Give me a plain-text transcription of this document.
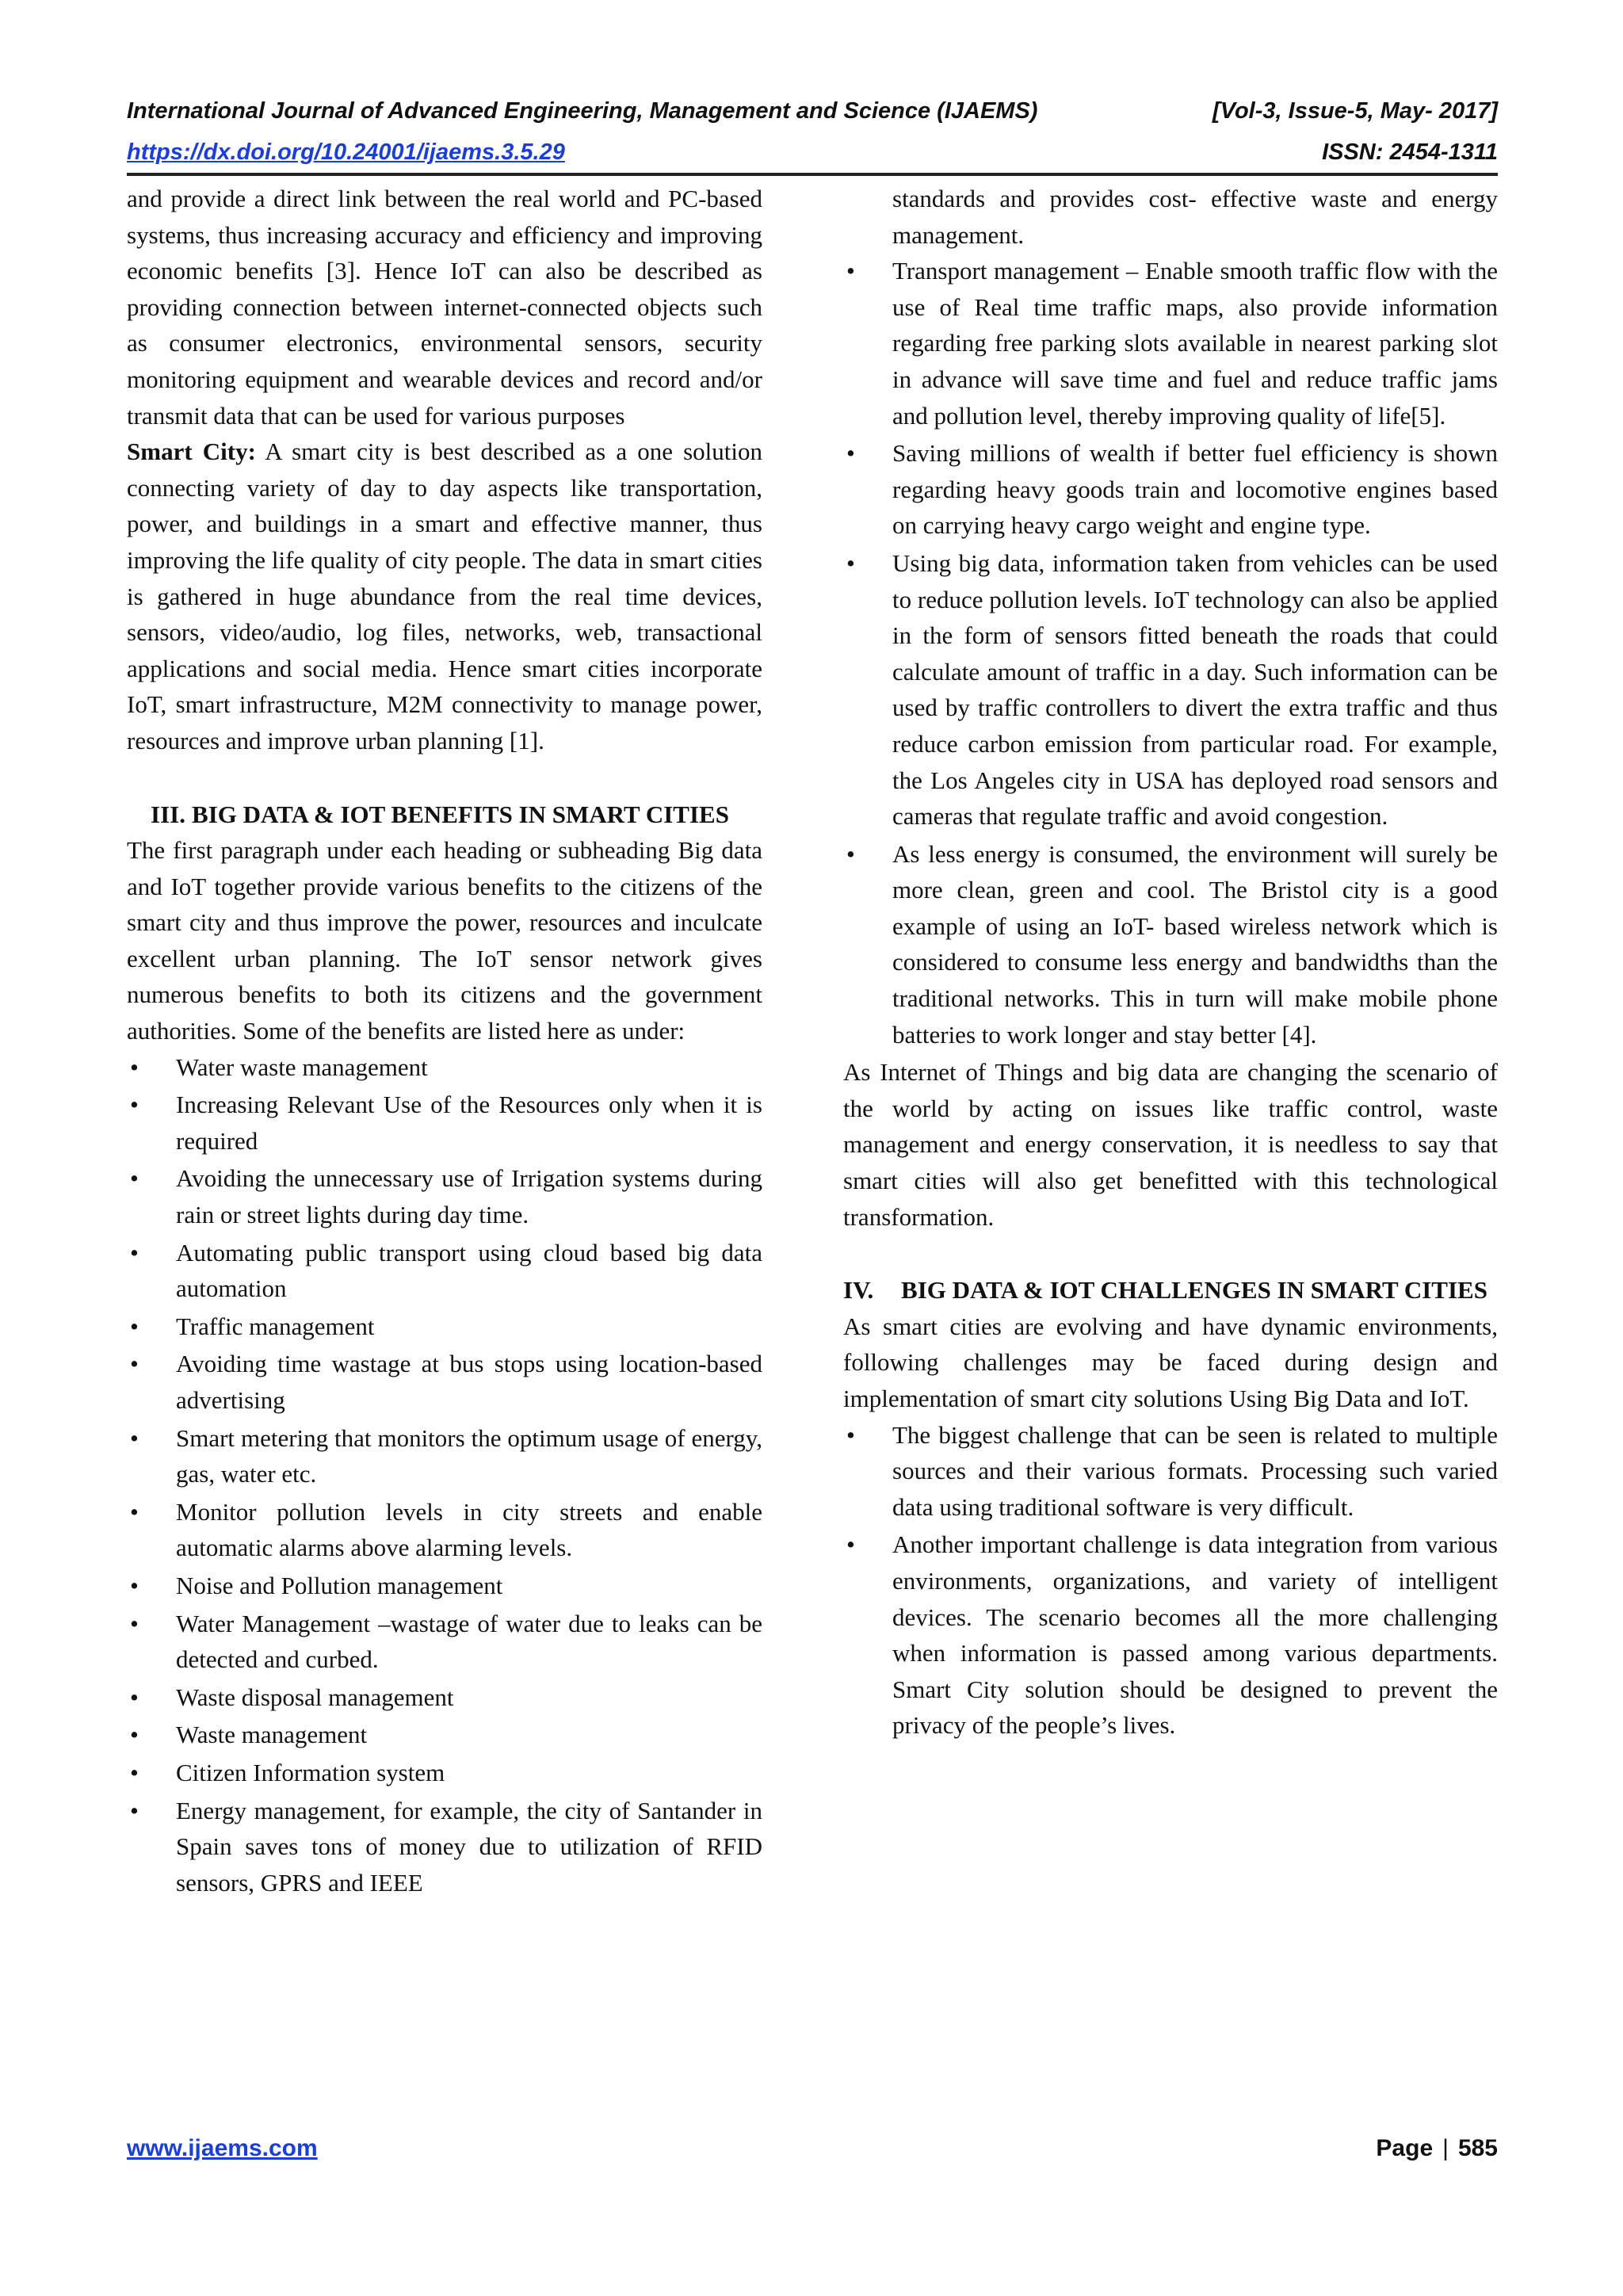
International Journal of Advanced Engineering, Management and Science (IJAEMS)	[Vol-3, Issue-5, May- 2017]
https://dx.doi.org/10.24001/ijaems.3.5.29	ISSN: 2454-1311

and provide a direct link between the real world and PC-based systems, thus increasing accuracy and efficiency and improving economic benefits [3]. Hence IoT can also be described as providing connection between internet-connected objects such as consumer electronics, environmental sensors, security monitoring equipment and wearable devices and record and/or transmit data that can be used for various purposes

Smart City: A smart city is best described as a one solution connecting variety of day to day aspects like transportation, power, and buildings in a smart and effective manner, thus improving the life quality of city people. The data in smart cities is gathered in huge abundance from the real time devices, sensors, video/audio, log files, networks, web, transactional applications and social media. Hence smart cities incorporate IoT, smart infrastructure, M2M connectivity to manage power, resources and improve urban planning [1].

III. BIG DATA & IOT BENEFITS IN SMART CITIES

The first paragraph under each heading or subheading Big data and IoT together provide various benefits to the citizens of the smart city and thus improve the power, resources and inculcate excellent urban planning. The IoT sensor network gives numerous benefits to both its citizens and the government authorities. Some of the benefits are listed here as under:

• Water waste management
• Increasing Relevant Use of the Resources only when it is required
• Avoiding the unnecessary use of Irrigation systems during rain or street lights during day time.
• Automating public transport using cloud based big data automation
• Traffic management
• Avoiding time wastage at bus stops using location-based advertising
• Smart metering that monitors the optimum usage of energy, gas, water etc.
• Monitor pollution levels in city streets and enable automatic alarms above alarming levels.
• Noise and Pollution management
• Water Management –wastage of water due to leaks can be detected and curbed.
• Waste disposal management
• Waste management
• Citizen Information system
• Energy management, for example, the city of Santander in Spain saves tons of money due to utilization of RFID sensors, GPRS and IEEE

standards and provides cost- effective waste and energy management.

• Transport management – Enable smooth traffic flow with the use of Real time traffic maps, also provide information regarding free parking slots available in nearest parking slot in advance will save time and fuel and reduce traffic jams and pollution level, thereby improving quality of life[5].
• Saving millions of wealth if better fuel efficiency is shown regarding heavy goods train and locomotive engines based on carrying heavy cargo weight and engine type.
• Using big data, information taken from vehicles can be used to reduce pollution levels. IoT technology can also be applied in the form of sensors fitted beneath the roads that could calculate amount of traffic in a day. Such information can be used by traffic controllers to divert the extra traffic and thus reduce carbon emission from particular road. For example, the Los Angeles city in USA has deployed road sensors and cameras that regulate traffic and avoid congestion.
• As less energy is consumed, the environment will surely be more clean, green and cool. The Bristol city is a good example of using an IoT- based wireless network which is considered to consume less energy and bandwidths than the traditional networks. This in turn will make mobile phone batteries to work longer and stay better [4].

As Internet of Things and big data are changing the scenario of the world by acting on issues like traffic control, waste management and energy conservation, it is needless to say that smart cities will also get benefitted with this technological transformation.

IV. BIG DATA & IOT CHALLENGES IN SMART CITIES

As smart cities are evolving and have dynamic environments, following challenges may be faced during design and implementation of smart city solutions Using Big Data and IoT.

• The biggest challenge that can be seen is related to multiple sources and their various formats. Processing such varied data using traditional software is very difficult.
• Another important challenge is data integration from various environments, organizations, and variety of intelligent devices. The scenario becomes all the more challenging when information is passed among various departments. Smart City solution should be designed to prevent the privacy of the people’s lives.
www.ijaems.com	Page | 585
